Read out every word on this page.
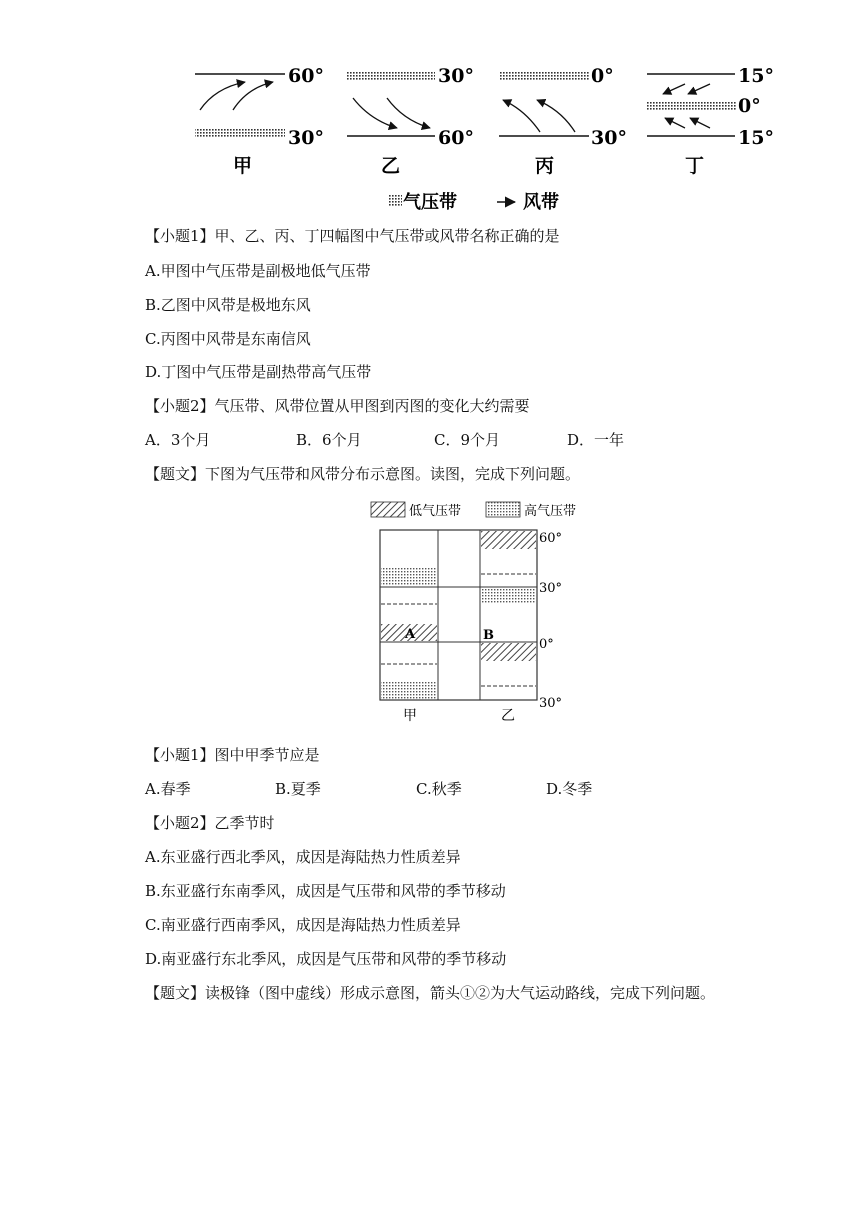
60°
30°
甲
30°
60°
乙
0°
30°
丙
15°
0°
15°
丁
气压带	风带
【小题1】甲、乙、丙、丁四幅图中气压带或风带名称正确的是
A.甲图中气压带是副极地低气压带
B.乙图中风带是极地东风
C.丙图中风带是东南信风
D.丁图中气压带是副热带高气压带
【小题2】气压带、风带位置从甲图到丙图的变化大约需要
A．3个月	B．6个月	C．9个月	D．一年
【题文】下图为气压带和风带分布示意图。读图，完成下列问题。
低气压带	高气压带
A	B
60°
30°
0°
30°
甲	乙
【小题1】图中甲季节应是
A.春季	B.夏季	C.秋季	D.冬季
【小题2】乙季节时
A.东亚盛行西北季风，成因是海陆热力性质差异
B.东亚盛行东南季风，成因是气压带和风带的季节移动
C.南亚盛行西南季风，成因是海陆热力性质差异
D.南亚盛行东北季风，成因是气压带和风带的季节移动
【题文】读极锋（图中虚线）形成示意图，箭头①②为大气运动路线，完成下列问题。
